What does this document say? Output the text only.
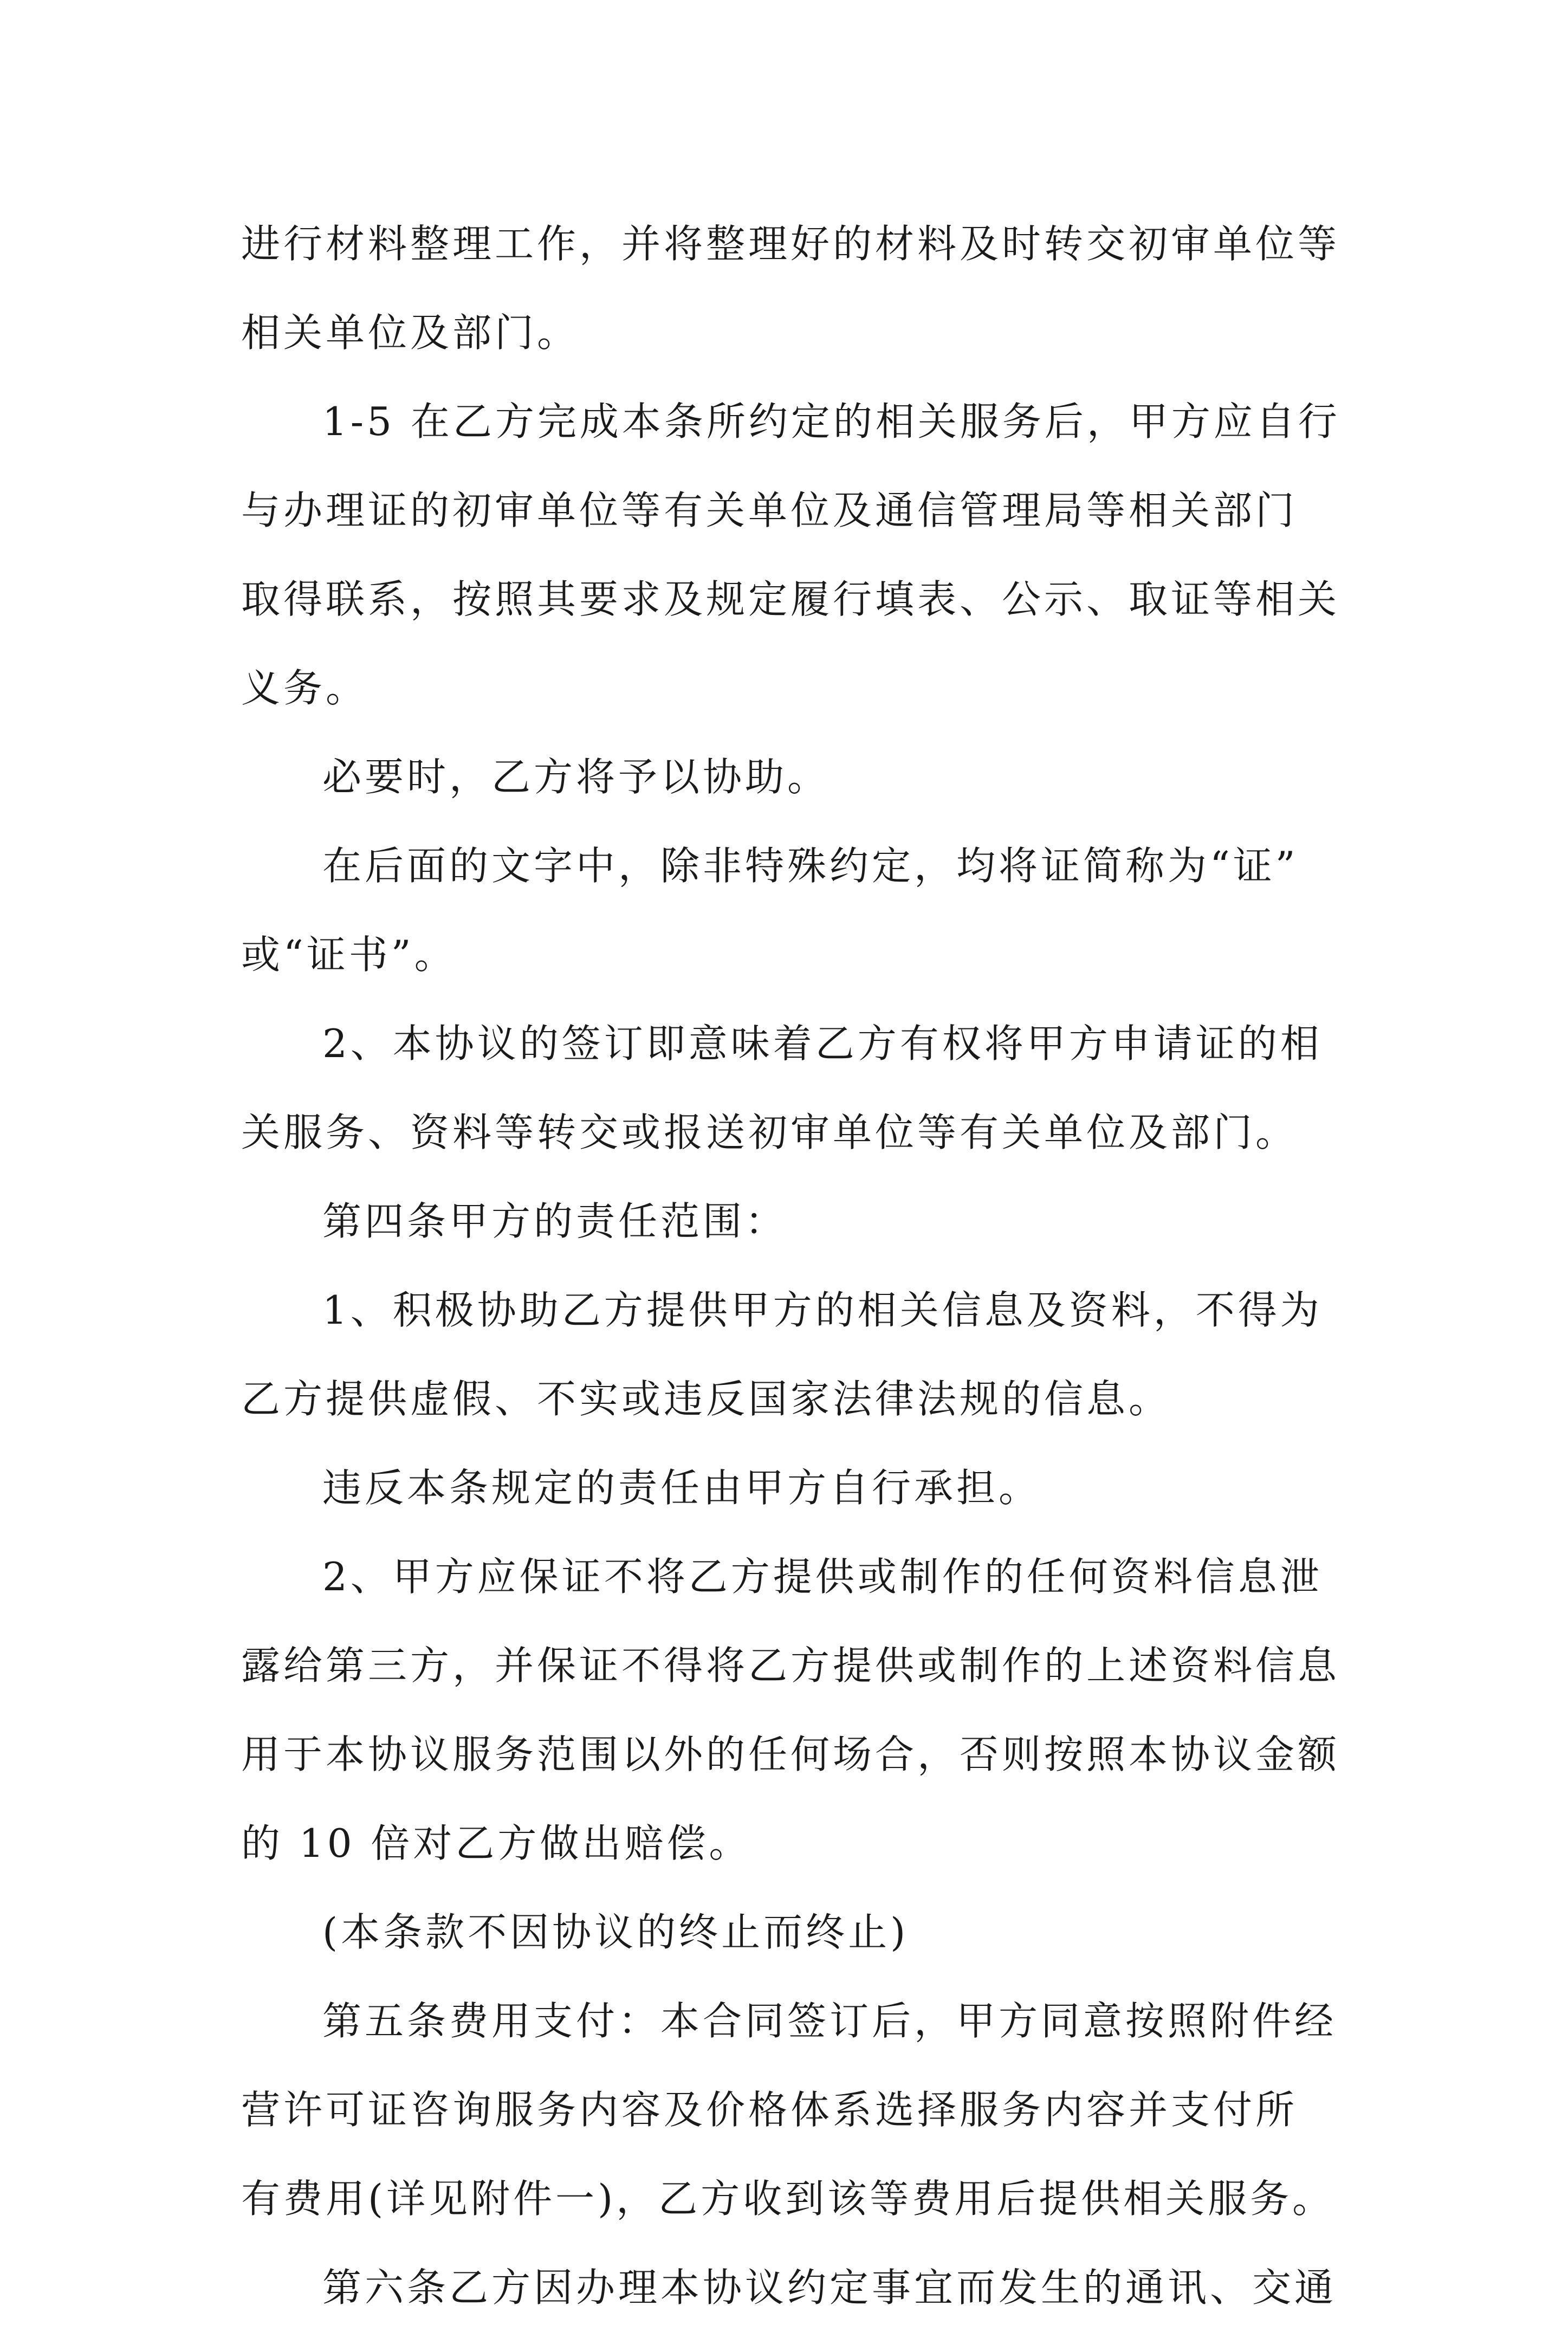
进行材料整理工作，并将整理好的材料及时转交初审单位等
相关单位及部门。
1-5 在乙方完成本条所约定的相关服务后，甲方应自行
与办理证的初审单位等有关单位及通信管理局等相关部门
取得联系，按照其要求及规定履行填表、公示、取证等相关
义务。
必要时，乙方将予以协助。
在后面的文字中，除非特殊约定，均将证简称为“证”
或“证书”。
2、本协议的签订即意味着乙方有权将甲方申请证的相
关服务、资料等转交或报送初审单位等有关单位及部门。
第四条甲方的责任范围：
1、积极协助乙方提供甲方的相关信息及资料，不得为
乙方提供虚假、不实或违反国家法律法规的信息。
违反本条规定的责任由甲方自行承担。
2、甲方应保证不将乙方提供或制作的任何资料信息泄
露给第三方，并保证不得将乙方提供或制作的上述资料信息
用于本协议服务范围以外的任何场合，否则按照本协议金额
的 10 倍对乙方做出赔偿。
(本条款不因协议的终止而终止)
第五条费用支付：本合同签订后，甲方同意按照附件经
营许可证咨询服务内容及价格体系选择服务内容并支付所
有费用(详见附件一)，乙方收到该等费用后提供相关服务。
第六条乙方因办理本协议约定事宜而发生的通讯、交通
